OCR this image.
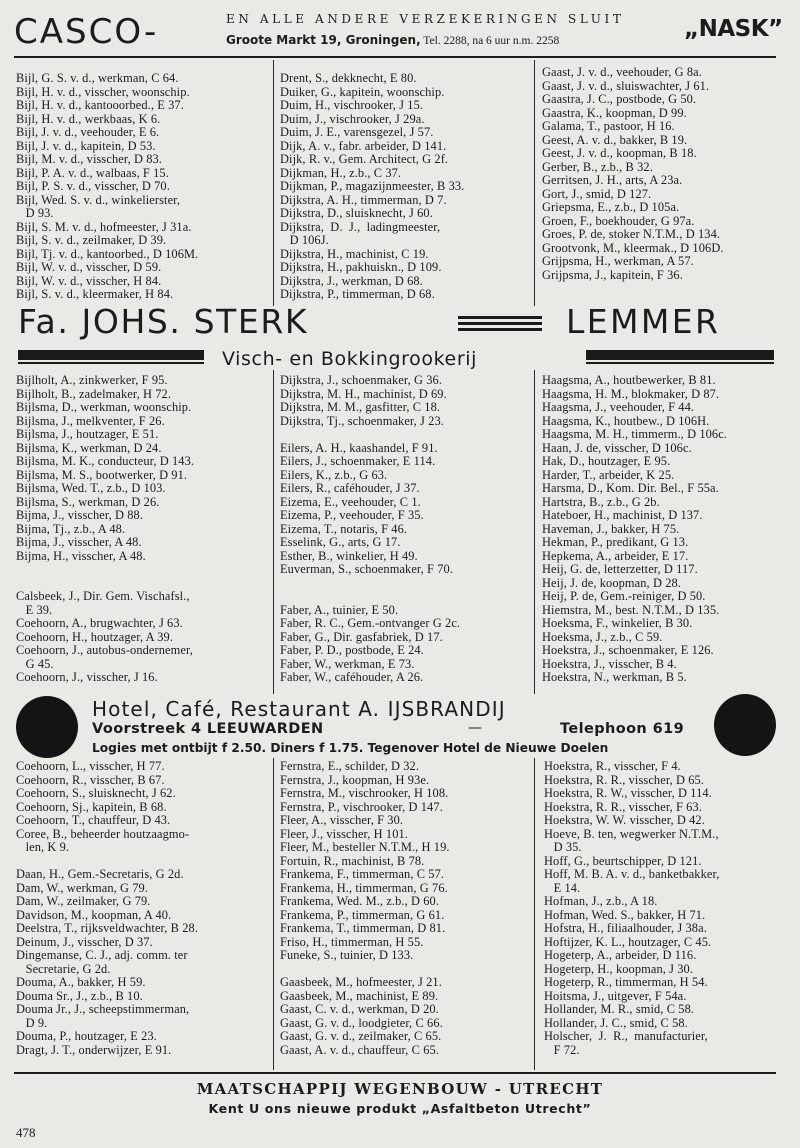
CASCO-	EN ALLE ANDERE VERZEKERINGEN SLUIT
Groote Markt 19, Groningen, Tel. 2288, na 6 uur n.m. 2258	„NASK”
Bijl, G. S. v. d., werkman, C 64.
Bijl, H. v. d., visscher, woonschip.
Bijl, H. v. d., kantooorbed., E 37.
Bijl, H. v. d., werkbaas, K 6.
Bijl, J. v. d., veehouder, E 6.
Bijl, J. v. d., kapitein, D 53.
Bijl, M. v. d., visscher, D 83.
Bijl, P. A. v. d., walbaas, F 15.
Bijl, P. S. v. d., visscher, D 70.
Bijl, Wed. S. v. d., winkelierster,
D 93.
Bijl, S. M. v. d., hofmeester, J 31a.
Bijl, S. v. d., zeilmaker, D 39.
Bijl, Tj. v. d., kantoorbed., D 106M.
Bijl, W. v. d., visscher, D 59.
Bijl, W. v. d., visscher, H 84.
Bijl, S. v. d., kleermaker, H 84.
Drent, S., dekknecht, E 80.
Duiker, G., kapitein, woonschip.
Duim, H., vischrooker, J 15.
Duim, J., vischrooker, J 29a.
Duim, J. E., varensgezel, J 57.
Dijk, A. v., fabr. arbeider, D 141.
Dijk, R. v., Gem. Architect, G 2f.
Dijkman, H., z.b., C 37.
Dijkman, P., magazijnmeester, B 33.
Dijkstra, A. H., timmerman, D 7.
Dijkstra, D., sluisknecht, J 60.
Dijkstra,  D.  J.,  ladingmeester,
D 106J.
Dijkstra, H., machinist, C 19.
Dijkstra, H., pakhuiskn., D 109.
Dijkstra, J., werkman, D 68.
Dijkstra, P., timmerman, D 68.
Gaast, J. v. d., veehouder, G 8a.
Gaast, J. v. d., sluiswachter, J 61.
Gaastra, J. C., postbode, G 50.
Gaastra, K., koopman, D 99.
Galama, T., pastoor, H 16.
Geest, A. v. d., bakker, B 19.
Geest, J. v. d., koopman, B 18.
Gerber, B., z.b., B 32.
Gerritsen, J. H., arts, A 23a.
Gort, J., smid, D 127.
Griepsma, E., z.b., D 105a.
Groen, F., boekhouder, G 97a.
Groes, P. de, stoker N.T.M., D 134.
Grootvonk, M., kleermak., D 106D.
Grijpsma, H., werkman, A 57.
Grijpsma, J., kapitein, F 36.
Fa. JOHS. STERK	LEMMER
Visch- en Bokkingrookerij
Bijlholt, A., zinkwerker, F 95.
Bijlholt, B., zadelmaker, H 72.
Bijlsma, D., werkman, woonschip.
Bijlsma, J., melkventer, F 26.
Bijlsma, J., houtzager, E 51.
Bijlsma, K., werkman, D 24.
Bijlsma, M. K., conducteur, D 143.
Bijlsma, M. S., bootwerker, D 91.
Bijlsma, Wed. T., z.b., D 103.
Bijlsma, S., werkman, D 26.
Bijma, J., visscher, D 88.
Bijma, Tj., z.b., A 48.
Bijma, J., visscher, A 48.
Bijma, H., visscher, A 48.
Calsbeek, J., Dir. Gem. Vischafsl.,
E 39.
Coehoorn, A., brugwachter, J 63.
Coehoorn, H., houtzager, A 39.
Coehoorn, J., autobus-ondernemer,
G 45.
Coehoorn, J., visscher, J 16.
Dijkstra, J., schoenmaker, G 36.
Dijkstra, M. H., machinist, D 69.
Dijkstra, M. M., gasfitter, C 18.
Dijkstra, Tj., schoenmaker, J 23.
Eilers, A. H., kaashandel, F 91.
Eilers, J., schoenmaker, E 114.
Eilers, K., z.b., G 63.
Eilers, R., caféhouder, J 37.
Eizema, E., veehouder, C 1.
Eizema, P., veehouder, F 35.
Eizema, T., notaris, F 46.
Esselink, G., arts, G 17.
Esther, B., winkelier, H 49.
Euverman, S., schoenmaker, F 70.
Faber, A., tuinier, E 50.
Faber, R. C., Gem.-ontvanger G 2c.
Faber, G., Dir. gasfabriek, D 17.
Faber, P. D., postbode, E 24.
Faber, W., werkman, E 73.
Faber, W., caféhouder, A 26.
Haagsma, A., houtbewerker, B 81.
Haagsma, H. M., blokmaker, D 87.
Haagsma, J., veehouder, F 44.
Haagsma, K., houtbew., D 106H.
Haagsma, M. H., timmerm., D 106c.
Haan, J. de, visscher, D 106c.
Hak, D., houtzager, E 95.
Harder, T., arbeider, K 25.
Harsma, D., Kom. Dir. Bel., F 55a.
Hartstra, B., z.b., G 2b.
Hateboer, H., machinist, D 137.
Haveman, J., bakker, H 75.
Hekman, P., predikant, G 13.
Hepkema, A., arbeider, E 17.
Heij, G. de, letterzetter, D 117.
Heij, J. de, koopman, D 28.
Heij, P. de, Gem.-reiniger, D 50.
Hiemstra, M., best. N.T.M., D 135.
Hoeksma, F., winkelier, B 30.
Hoeksma, J., z.b., C 59.
Hoekstra, J., schoenmaker, E 126.
Hoekstra, J., visscher, B 4.
Hoekstra, N., werkman, B 5.
Hotel, Café, Restaurant A. IJSBRANDIJ
Voorstreek 4 LEEUWARDEN	—	Telephoon 619
Logies met ontbijt f 2.50. Diners f 1.75. Tegenover Hotel de Nieuwe Doelen
Coehoorn, L., visscher, H 77.
Coehoorn, R., visscher, B 67.
Coehoorn, S., sluisknecht, J 62.
Coehoorn, Sj., kapitein, B 68.
Coehoorn, T., chauffeur, D 43.
Coree, B., beheerder houtzaagmo-
len, K 9.
Daan, H., Gem.-Secretaris, G 2d.
Dam, W., werkman, G 79.
Dam, W., zeilmaker, G 79.
Davidson, M., koopman, A 40.
Deelstra, T., rijksveldwachter, B 28.
Deinum, J., visscher, D 37.
Dingemanse, C. J., adj. comm. ter
Secretarie, G 2d.
Douma, A., bakker, H 59.
Douma Sr., J., z.b., B 10.
Douma Jr., J., scheepstimmerman,
D 9.
Douma, P., houtzager, E 23.
Dragt, J. T., onderwijzer, E 91.
Fernstra, E., schilder, D 32.
Fernstra, J., koopman, H 93e.
Fernstra, M., vischrooker, H 108.
Fernstra, P., vischrooker, D 147.
Fleer, A., visscher, F 30.
Fleer, J., visscher, H 101.
Fleer, M., besteller N.T.M., H 19.
Fortuin, R., machinist, B 78.
Frankema, F., timmerman, C 57.
Frankema, H., timmerman, G 76.
Frankema, Wed. M., z.b., D 60.
Frankema, P., timmerman, G 61.
Frankema, T., timmerman, D 81.
Friso, H., timmerman, H 55.
Funeke, S., tuinier, D 133.
Gaasbeek, M., hofmeester, J 21.
Gaasbeek, M., machinist, E 89.
Gaast, C. v. d., werkman, D 20.
Gaast, G. v. d., loodgieter, C 66.
Gaast, G. v. d., zeilmaker, C 65.
Gaast, A. v. d., chauffeur, C 65.
Hoekstra, R., visscher, F 4.
Hoekstra, R. R., visscher, D 65.
Hoekstra, R. W., visscher, D 114.
Hoekstra, R. R., visscher, F 63.
Hoekstra, W. W. visscher, D 42.
Hoeve, B. ten, wegwerker N.T.M.,
D 35.
Hoff, G., beurtschipper, D 121.
Hoff, M. B. A. v. d., banketbakker,
E 14.
Hofman, J., z.b., A 18.
Hofman, Wed. S., bakker, H 71.
Hofstra, H., filiaalhouder, J 38a.
Hoftijzer, K. L., houtzager, C 45.
Hogeterp, A., arbeider, D 116.
Hogeterp, H., koopman, J 30.
Hogeterp, R., timmerman, H 54.
Hoitsma, J., uitgever, F 54a.
Hollander, M. R., smid, C 58.
Hollander, J. C., smid, C 58.
Holscher,  J.  R.,  manufacturier,
F 72.
MAATSCHAPPIJ WEGENBOUW - UTRECHT
Kent U ons nieuwe produkt „Asfaltbeton Utrecht”
478
